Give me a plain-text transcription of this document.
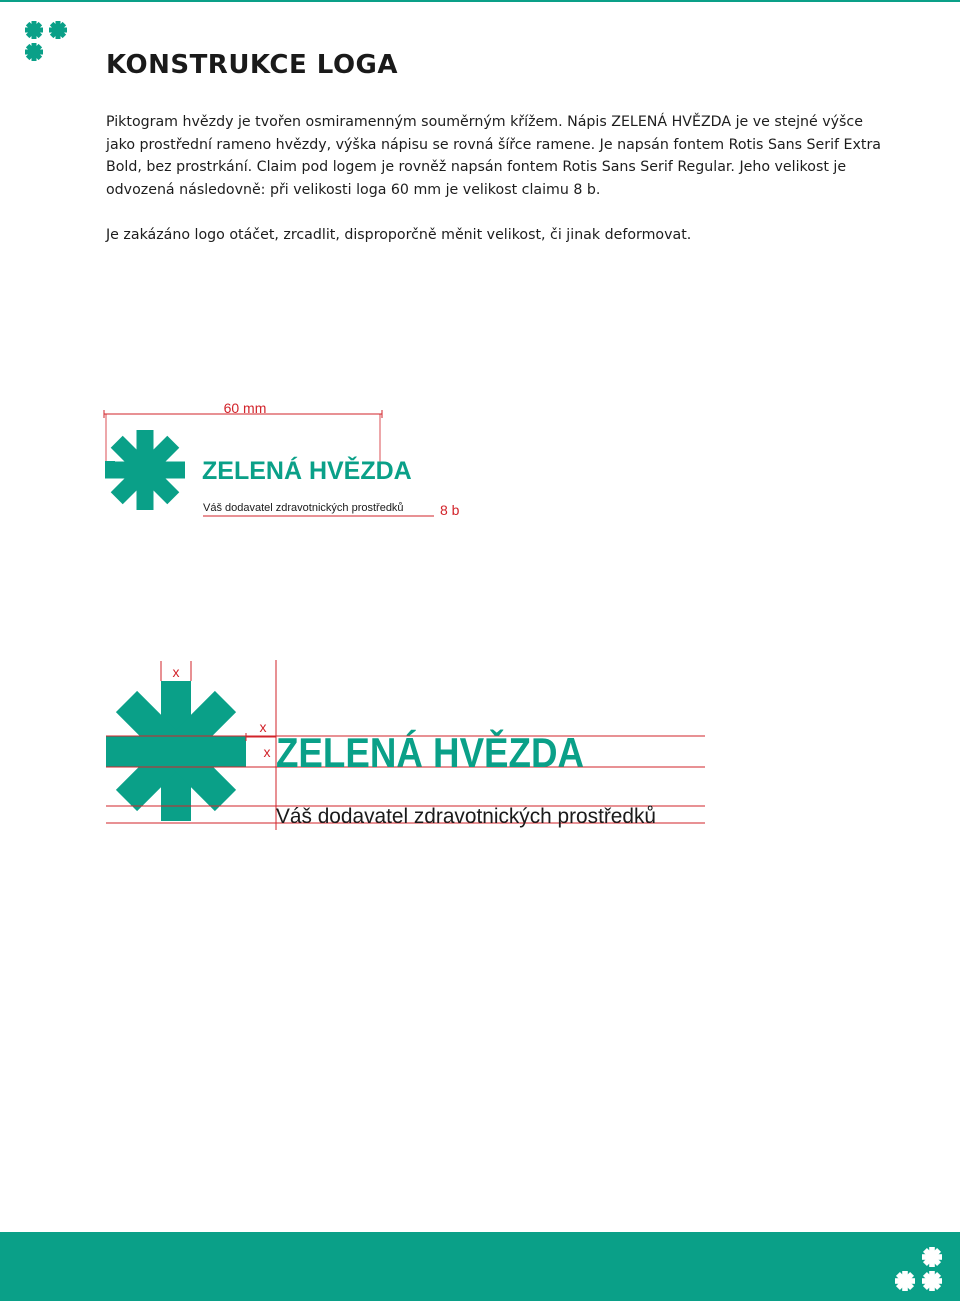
KONSTRUKCE LOGA

Piktogram hvězdy je tvořen osmiramenným souměrným křížem. Nápis ZELENÁ HVĚZDA je ve stejné výšce jako prostřední rameno hvězdy, výška nápisu se rovná šířce ramene. Je napsán fontem Rotis Sans Serif Extra Bold, bez prostrkání. Claim pod logem je rovněž napsán fontem Rotis Sans Serif Regular. Jeho velikost je odvozená následovně: při velikosti loga 60 mm je velikost claimu 8 b.

Je zakázáno logo otáčet, zrcadlit, disproporčně měnit velikost, či jinak deformovat.

60 mm
ZELENÁ HVĚZDA
Váš dodavatel zdravotnických prostředků	8 b
x
x
x ZELENÁ HVĚZDA
Váš dodavatel zdravotnických prostředků
